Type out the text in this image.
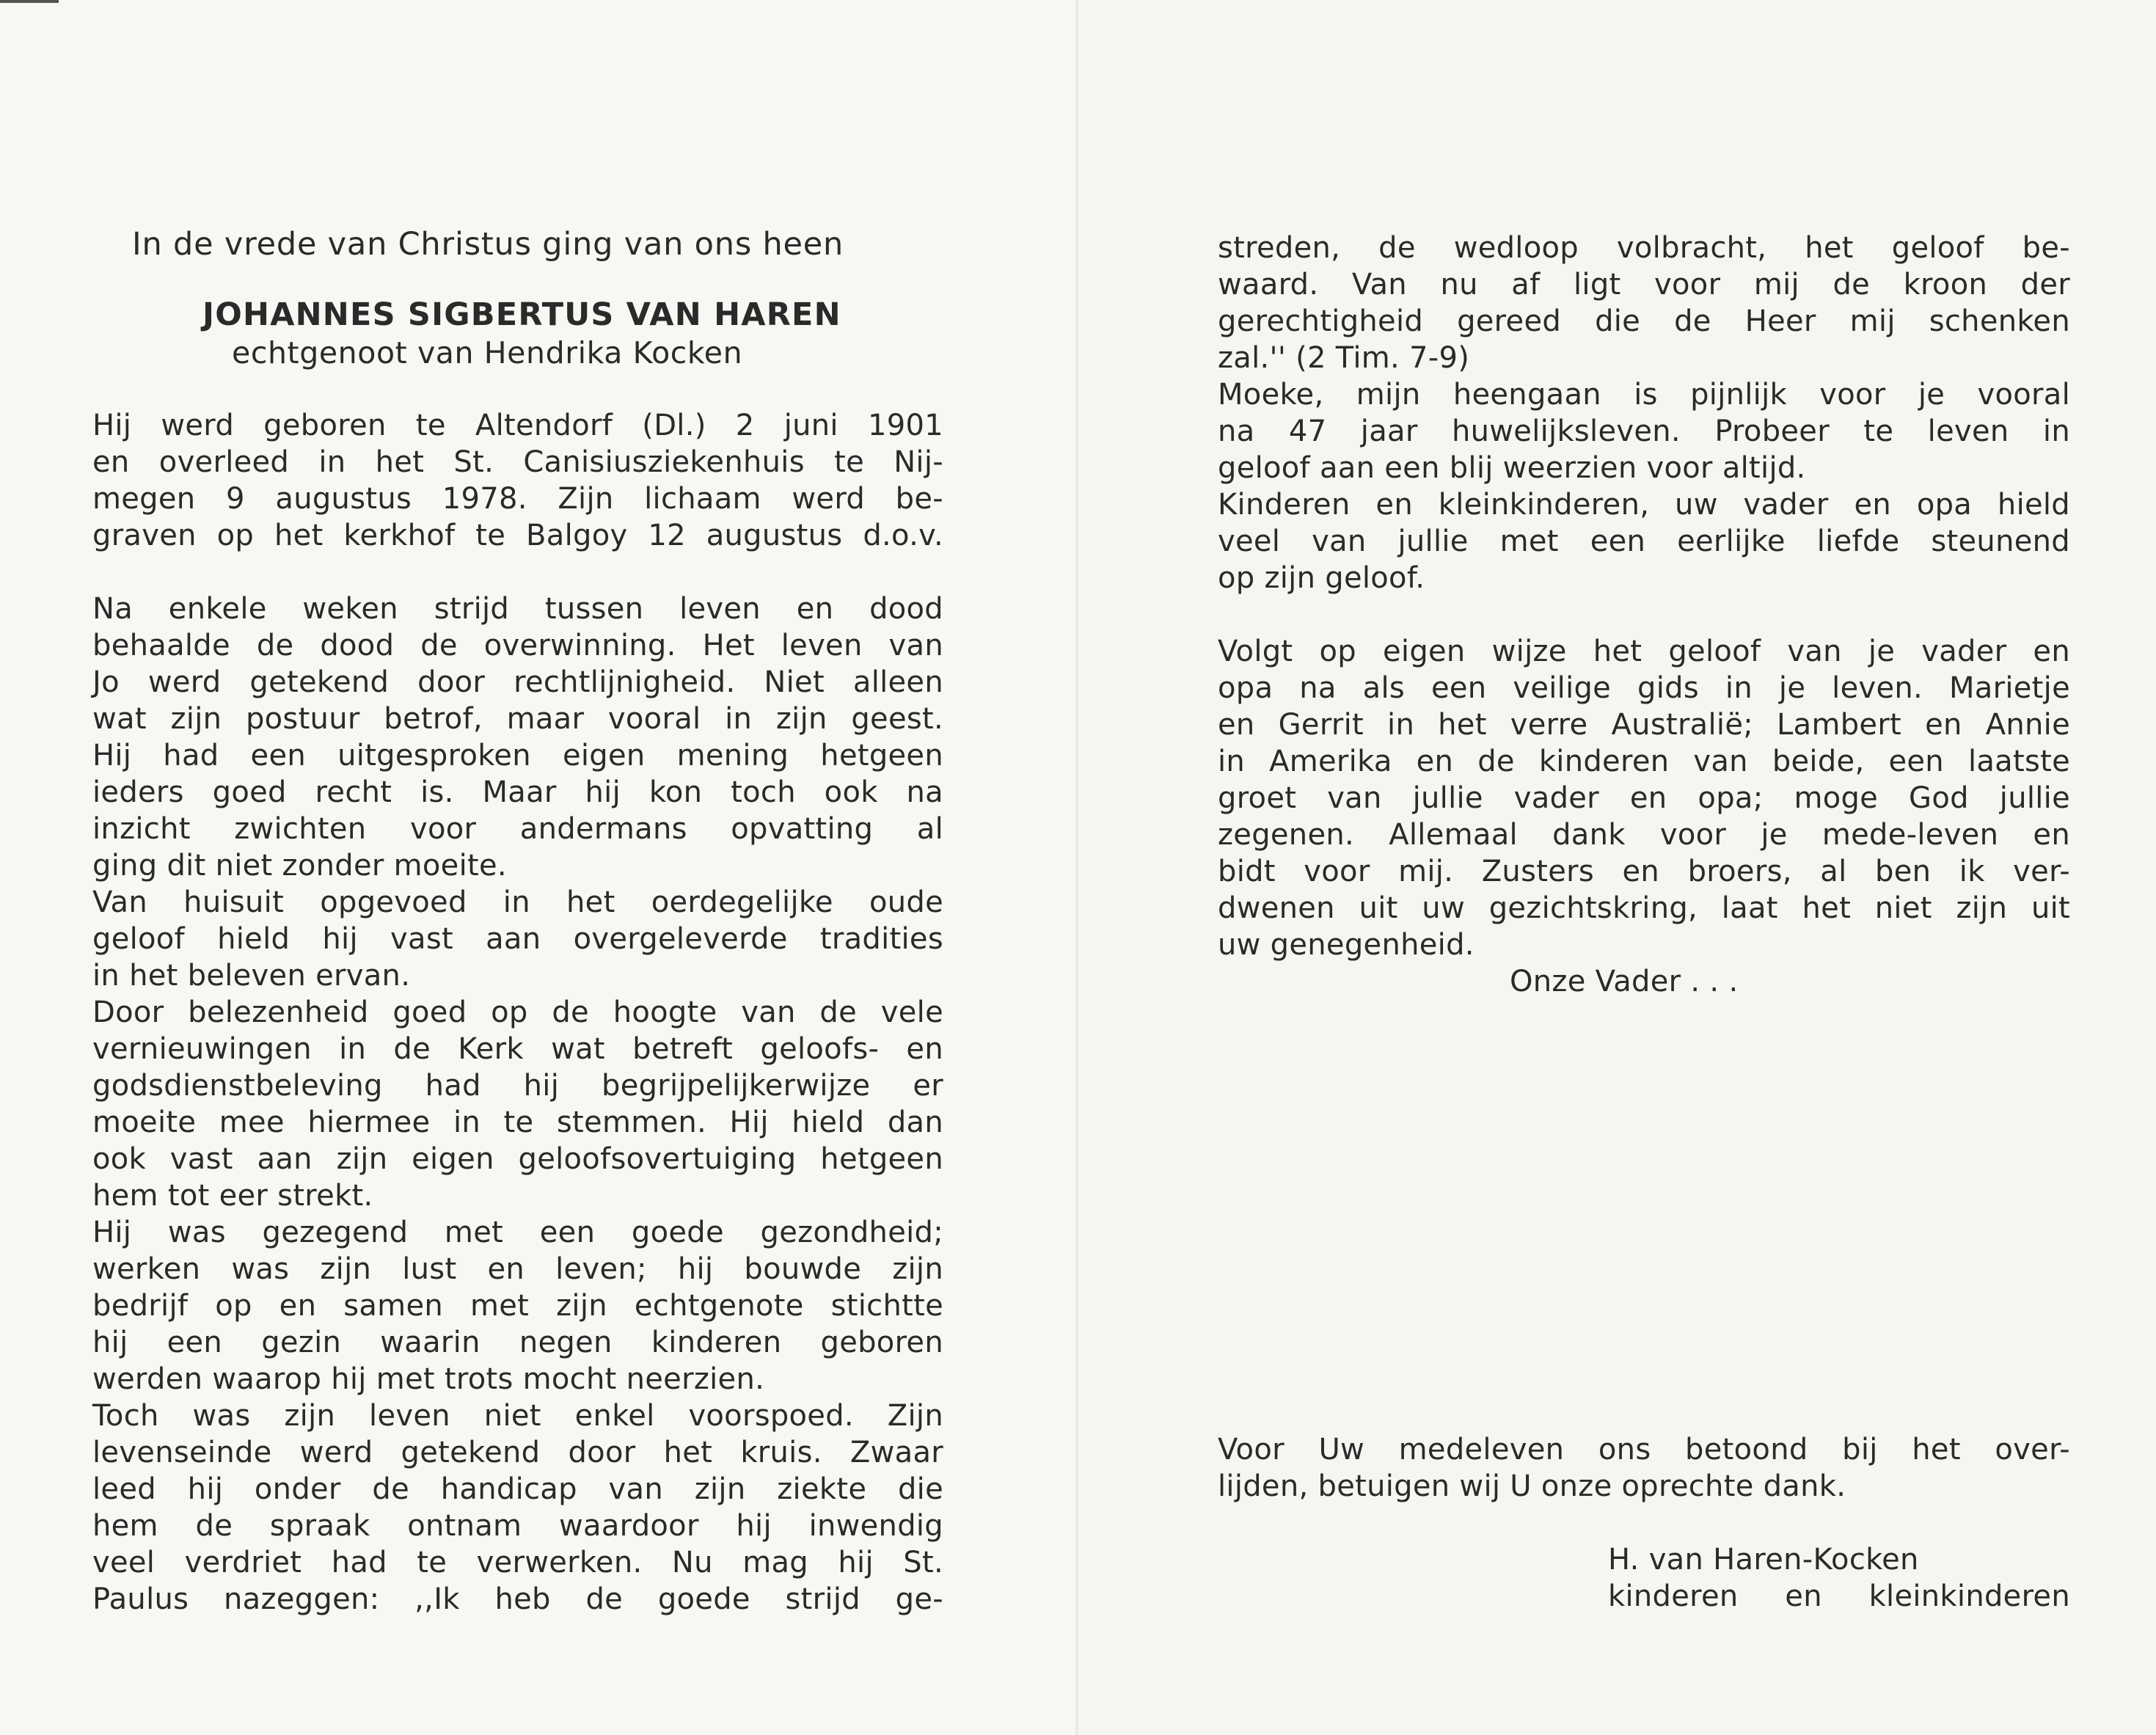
In de vrede van Christus ging van ons heen
JOHANNES SIGBERTUS VAN HAREN
echtgenoot van Hendrika Kocken
Hij werd geboren te Altendorf (Dl.) 2 juni 1901
en overleed in het St. Canisiusziekenhuis te Nij-
megen 9 augustus 1978. Zijn lichaam werd be-
graven op het kerkhof te Balgoy 12 augustus d.o.v.
Na enkele weken strijd tussen leven en dood
behaalde de dood de overwinning. Het leven van
Jo werd getekend door rechtlijnigheid. Niet alleen
wat zijn postuur betrof, maar vooral in zijn geest.
Hij had een uitgesproken eigen mening hetgeen
ieders goed recht is. Maar hij kon toch ook na
inzicht zwichten voor andermans opvatting al
ging dit niet zonder moeite.
Van huisuit opgevoed in het oerdegelijke oude
geloof hield hij vast aan overgeleverde tradities
in het beleven ervan.
Door belezenheid goed op de hoogte van de vele
vernieuwingen in de Kerk wat betreft geloofs- en
godsdienstbeleving had hij begrijpelijkerwijze er
moeite mee hiermee in te stemmen. Hij hield dan
ook vast aan zijn eigen geloofsovertuiging hetgeen
hem tot eer strekt.
Hij was gezegend met een goede gezondheid;
werken was zijn lust en leven; hij bouwde zijn
bedrijf op en samen met zijn echtgenote stichtte
hij een gezin waarin negen kinderen geboren
werden waarop hij met trots mocht neerzien.
Toch was zijn leven niet enkel voorspoed. Zijn
levenseinde werd getekend door het kruis. Zwaar
leed hij onder de handicap van zijn ziekte die
hem de spraak ontnam waardoor hij inwendig
veel verdriet had te verwerken. Nu mag hij St.
Paulus nazeggen: ,,Ik heb de goede strijd ge-
streden, de wedloop volbracht, het geloof be-
waard. Van nu af ligt voor mij de kroon der
gerechtigheid gereed die de Heer mij schenken
zal.'' (2 Tim. 7-9)
Moeke, mijn heengaan is pijnlijk voor je vooral
na 47 jaar huwelijksleven. Probeer te leven in
geloof aan een blij weerzien voor altijd.
Kinderen en kleinkinderen, uw vader en opa hield
veel van jullie met een eerlijke liefde steunend
op zijn geloof.
Volgt op eigen wijze het geloof van je vader en
opa na als een veilige gids in je leven. Marietje
en Gerrit in het verre Australië; Lambert en Annie
in Amerika en de kinderen van beide, een laatste
groet van jullie vader en opa; moge God jullie
zegenen. Allemaal dank voor je mede-leven en
bidt voor mij. Zusters en broers, al ben ik ver-
dwenen uit uw gezichtskring, laat het niet zijn uit
uw genegenheid.
Onze Vader . . .
Voor Uw medeleven ons betoond bij het over-
lijden, betuigen wij U onze oprechte dank.
H. van Haren-Kocken
kinderen en kleinkinderen
